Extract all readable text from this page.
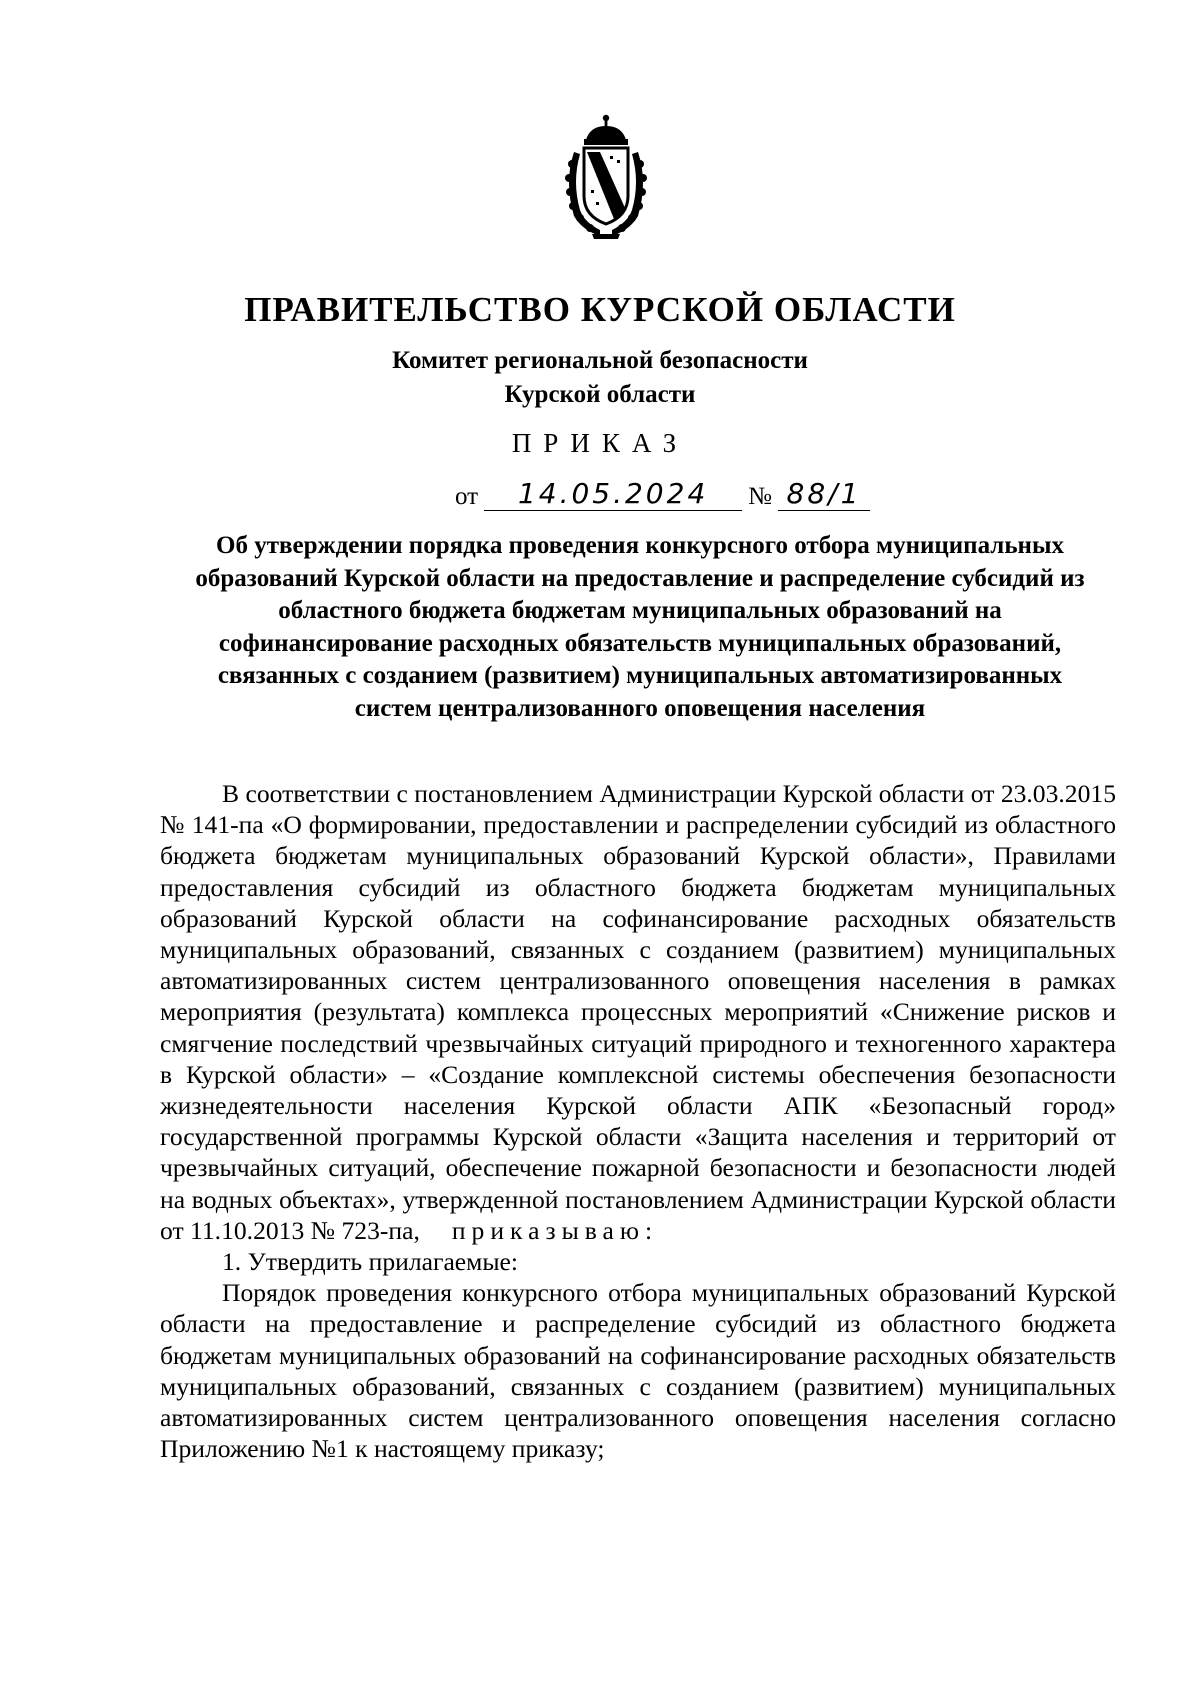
ПРАВИТЕЛЬСТВО КУРСКОЙ ОБЛАСТИ
Комитет региональной безопасности
Курской области
ПРИКАЗ
от 14.05.2024 № 88/1
Об утверждении порядка проведения конкурсного отбора муниципальных образований Курской области на предоставление и распределение субсидий из областного бюджета бюджетам муниципальных образований на софинансирование расходных обязательств муниципальных образований, связанных с созданием (развитием) муниципальных автоматизированных систем централизованного оповещения населения

В соответствии с постановлением Администрации Курской области от 23.03.2015 № 141-па «О формировании, предоставлении и распределении субсидий из областного бюджета бюджетам муниципальных образований Курской области», Правилами предоставления субсидий из областного бюджета бюджетам муниципальных образований Курской области на софинансирование расходных обязательств муниципальных образований, связанных с созданием (развитием) муниципальных автоматизированных систем централизованного оповещения населения в рамках мероприятия (результата) комплекса процессных мероприятий «Снижение рисков и смягчение последствий чрезвычайных ситуаций природного и техногенного характера в Курской области» – «Создание комплексной системы обеспечения безопасности жизнедеятельности населения Курской области АПК «Безопасный город» государственной программы Курской области «Защита населения и территорий от чрезвычайных ситуаций, обеспечение пожарной безопасности и безопасности людей на водных объектах», утвержденной постановлением Администрации Курской области от 11.10.2013 № 723-па, приказываю:

1. Утвердить прилагаемые:

Порядок проведения конкурсного отбора муниципальных образований Курской области на предоставление и распределение субсидий из областного бюджета бюджетам муниципальных образований на софинансирование расходных обязательств муниципальных образований, связанных с созданием (развитием) муниципальных автоматизированных систем централизованного оповещения населения согласно Приложению №1 к настоящему приказу;
